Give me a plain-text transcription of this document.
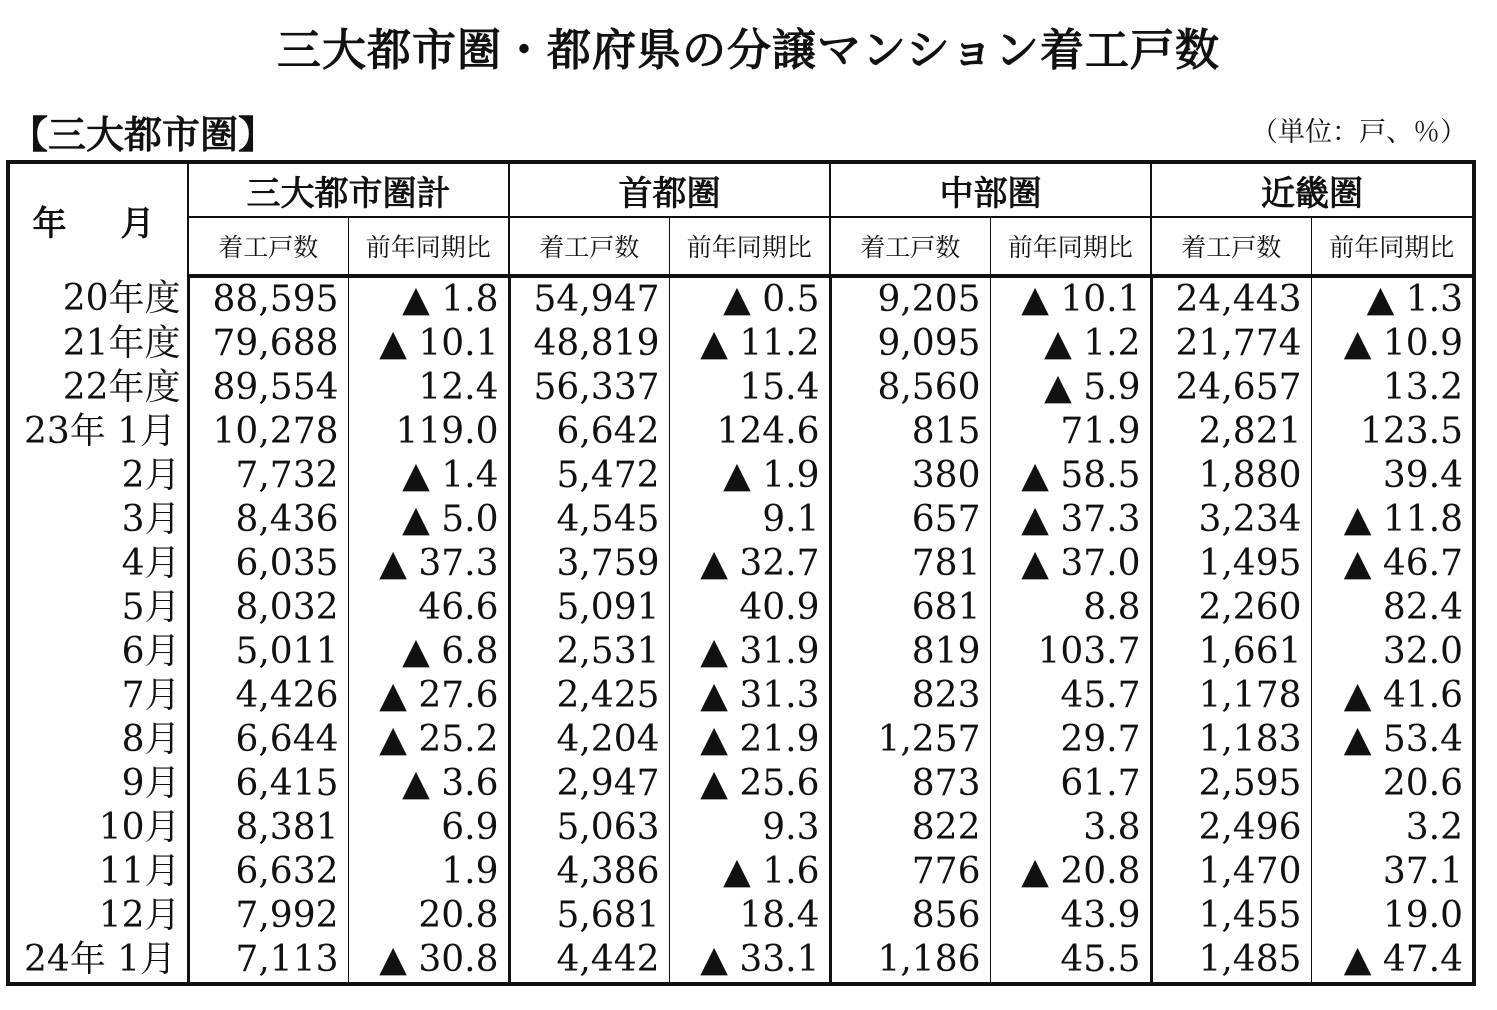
三大都市圏・都府県の分譲マンション着工戸数
【三大都市圏】	（単位：戸、％）
年　月	三大都市圏計		首都圏		中部圏		近畿圏	
	着工戸数	前年同期比	着工戸数	前年同期比	着工戸数	前年同期比	着工戸数	前年同期比
20年度	88,595	▲ 1.8	54,947	▲ 0.5	9,205	▲ 10.1	24,443	▲ 1.3
21年度	79,688	▲ 10.1	48,819	▲ 11.2	9,095	▲ 1.2	21,774	▲ 10.9
22年度	89,554	12.4	56,337	15.4	8,560	▲ 5.9	24,657	13.2
23年 1月	10,278	119.0	6,642	124.6	815	71.9	2,821	123.5
2月	7,732	▲ 1.4	5,472	▲ 1.9	380	▲ 58.5	1,880	39.4
3月	8,436	▲ 5.0	4,545	9.1	657	▲ 37.3	3,234	▲ 11.8
4月	6,035	▲ 37.3	3,759	▲ 32.7	781	▲ 37.0	1,495	▲ 46.7
5月	8,032	46.6	5,091	40.9	681	8.8	2,260	82.4
6月	5,011	▲ 6.8	2,531	▲ 31.9	819	103.7	1,661	32.0
7月	4,426	▲ 27.6	2,425	▲ 31.3	823	45.7	1,178	▲ 41.6
8月	6,644	▲ 25.2	4,204	▲ 21.9	1,257	29.7	1,183	▲ 53.4
9月	6,415	▲ 3.6	2,947	▲ 25.6	873	61.7	2,595	20.6
10月	8,381	6.9	5,063	9.3	822	3.8	2,496	3.2
11月	6,632	1.9	4,386	▲ 1.6	776	▲ 20.8	1,470	37.1
12月	7,992	20.8	5,681	18.4	856	43.9	1,455	19.0
24年 1月	7,113	▲ 30.8	4,442	▲ 33.1	1,186	45.5	1,485	▲ 47.4
